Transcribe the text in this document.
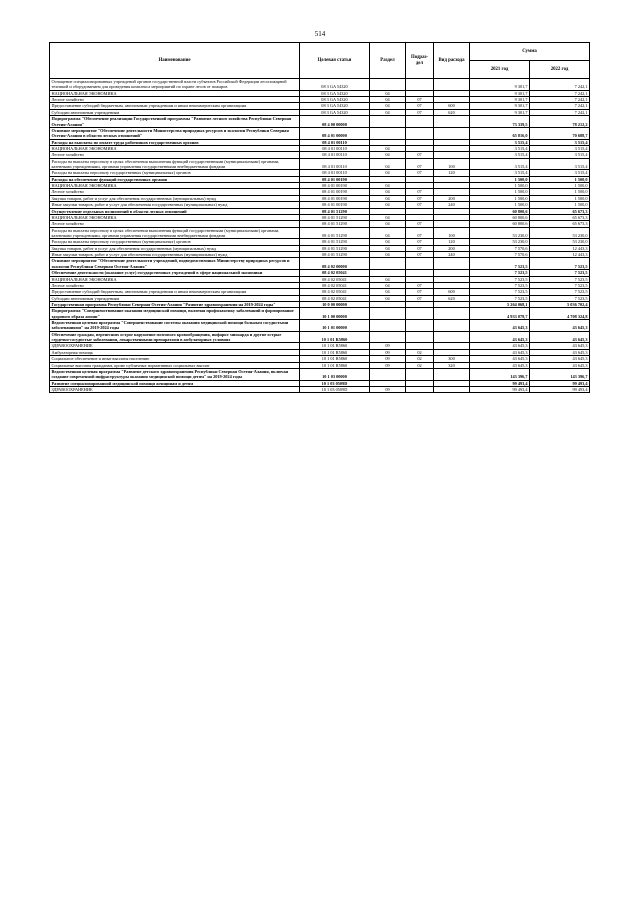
514
Наименование	Целевая статья	Раздел	Подраз-дел	Вид расхода	Сумма	
					2021 год	2022 год
Оснащение специализированных учреждений органов государственной власти субъектов Российской Федерации лесопожарной техникой и оборудованием для проведения комплекса мероприятий по охране лесов от пожаров	08 3 GA 54320				9 301,7	7 242,1
НАЦИОНАЛЬНАЯ ЭКОНОМИКА	08 3 GA 54320	04			9 301,7	7 242,1
Лесное хозяйство	08 3 GA 54320	04	07		9 301,7	7 242,1
Предоставление субсидий бюджетным, автономным учреждениям и иным некоммерческим организациям	08 3 GA 54320	04	07	600	9 301,7	7 242,1
Субсидии автономным учреждениям	08 3 GA 54320	04	07	620	9 301,7	7 242,1
Подпрограмма "Обеспечение реализации Государственной программы "Развитие лесного хозяйства Республики Северная Осетия-Алания"	08 4 00 00000				73 339,5	78 212,2
Основное мероприятие "Обеспечение деятельности Министерства природных ресурсов и экологии Республики Северная Осетия-Алания в области лесных отношений"	08 4 01 00000				65 816,0	70 688,7
Расходы на выплаты по оплате труда работников государственных органов	08 4 01 00110				3 515,4	3 515,4
НАЦИОНАЛЬНАЯ ЭКОНОМИКА	08 4 01 00110	04			3 515,4	3 515,4
Лесное хозяйство	08 4 01 00110	04	07		3 515,4	3 515,4
Расходы на выплаты персоналу в целях обеспечения выполнения функций государственными (муниципальными) органами, казенными учреждениями, органами управления государственными внебюджетными фондами	08 4 01 00110	04	07	100	3 515,4	3 515,4
Расходы на выплаты персоналу государственных (муниципальных) органов	08 4 01 00110	04	07	120	3 515,4	3 515,4
Расходы на обеспечение функций государственных органов	08 4 01 00190				1 500,0	1 500,0
НАЦИОНАЛЬНАЯ ЭКОНОМИКА	08 4 01 00190	04			1 500,0	1 500,0
Лесное хозяйство	08 4 01 00190	04	07		1 500,0	1 500,0
Закупка товаров, работ и услуг для обеспечения государственных (муниципальных) нужд	08 4 01 00190	04	07	200	1 500,0	1 500,0
Иные закупки товаров, работ и услуг для обеспечения государственных (муниципальных) нужд	08 4 01 00190	04	07	240	1 500,0	1 500,0
Осуществление отдельных полномочий в области лесных отношений	08 4 01 51290				60 800,6	65 673,3
НАЦИОНАЛЬНАЯ ЭКОНОМИКА	08 4 01 51290	04			60 800,6	65 673,3
Лесное хозяйство	08 4 01 51290	04	07		60 800,6	65 673,3
Расходы на выплаты персоналу в целях обеспечения выполнения функций государственными (муниципальными) органами, казенными учреждениями, органами управления государственными внебюджетными фондами	08 4 01 51290	04	07	100	53 230,0	53 230,0
Расходы на выплаты персоналу государственных (муниципальных) органов	08 4 01 51290	04	07	120	53 230,0	53 230,0
Закупка товаров, работ и услуг для обеспечения государственных (муниципальных) нужд	08 4 01 51290	04	07	200	7 570,6	12 443,3
Иные закупки товаров, работ и услуг для обеспечения государственных (муниципальных) нужд	08 4 01 51290	04	07	240	7 570,6	12 443,3
Основное мероприятие "Обеспечение деятельности учреждений, подведомственных Министерству природных ресурсов и экологии Республики Северная Осетия-Алания"	08 4 02 00000				7 523,5	7 523,5
Обеспечение деятельности (оказание услуг) государственных учреждений в сфере национальной экономики	08 4 02 05041				7 523,5	7 523,5
НАЦИОНАЛЬНАЯ ЭКОНОМИКА	08 4 02 05041	04			7 523,5	7 523,5
Лесное хозяйство	08 4 02 05041	04	07		7 523,5	7 523,5
Предоставление субсидий бюджетным, автономным учреждениям и иным некоммерческим организациям	08 4 02 05041	04	07	600	7 523,5	7 523,5
Субсидии автономным учреждениям	08 4 02 05041	04	07	620	7 523,5	7 523,5
Государственная программа Республики Северная Осетия-Алания "Развитие здравоохранения на 2019-2024 годы"	10 0 00 00000				5 264 068,1	5 036 702,4
Подпрограмма "Совершенствование оказания медицинской помощи, включая профилактику заболеваний и формирование здорового образа жизни"	10 1 00 00000				4 933 079,7	4 708 324,8
Ведомственная целевая программа "Совершенствование системы оказания медицинской помощи больным сосудистыми заболеваниями" на 2019-2024 годы	10 1 01 00000				43 645,3	43 645,3
Обеспечение граждан, перенесших острое нарушение мозгового кровообращения, инфаркт миокарда и другие острые сердечно-сосудистые заболевания, лекарственными препаратами в амбулаторных условиях	10 1 01 R5860				43 645,3	43 645,3
ЗДРАВООХРАНЕНИЕ	10 1 01 R5860	09			43 645,3	43 645,3
Амбулаторная помощь	10 1 01 R5860	09	02		43 645,3	43 645,3
Социальное обеспечение и иные выплаты населению	10 1 01 R5860	09	02	300	43 645,3	43 645,3
Социальные выплаты гражданам, кроме публичных нормативных социальных выплат	10 1 01 R5860	09	02	320	43 645,3	43 645,3
Ведомственная целевая программа "Развитие детского здравоохранения Республики Северная Осетия-Алания, включая создание современной инфраструктуры оказания медицинской помощи детям" на 2019-2024 годы	10 1 03 00000				143 396,7	143 396,7
Развитие специализированной медицинской помощи женщинам и детям	10 1 03 0509D				99 493,4	99 493,4
ЗДРАВООХРАНЕНИЕ	10 1 03 0509D	09			99 493,4	99 493,4
